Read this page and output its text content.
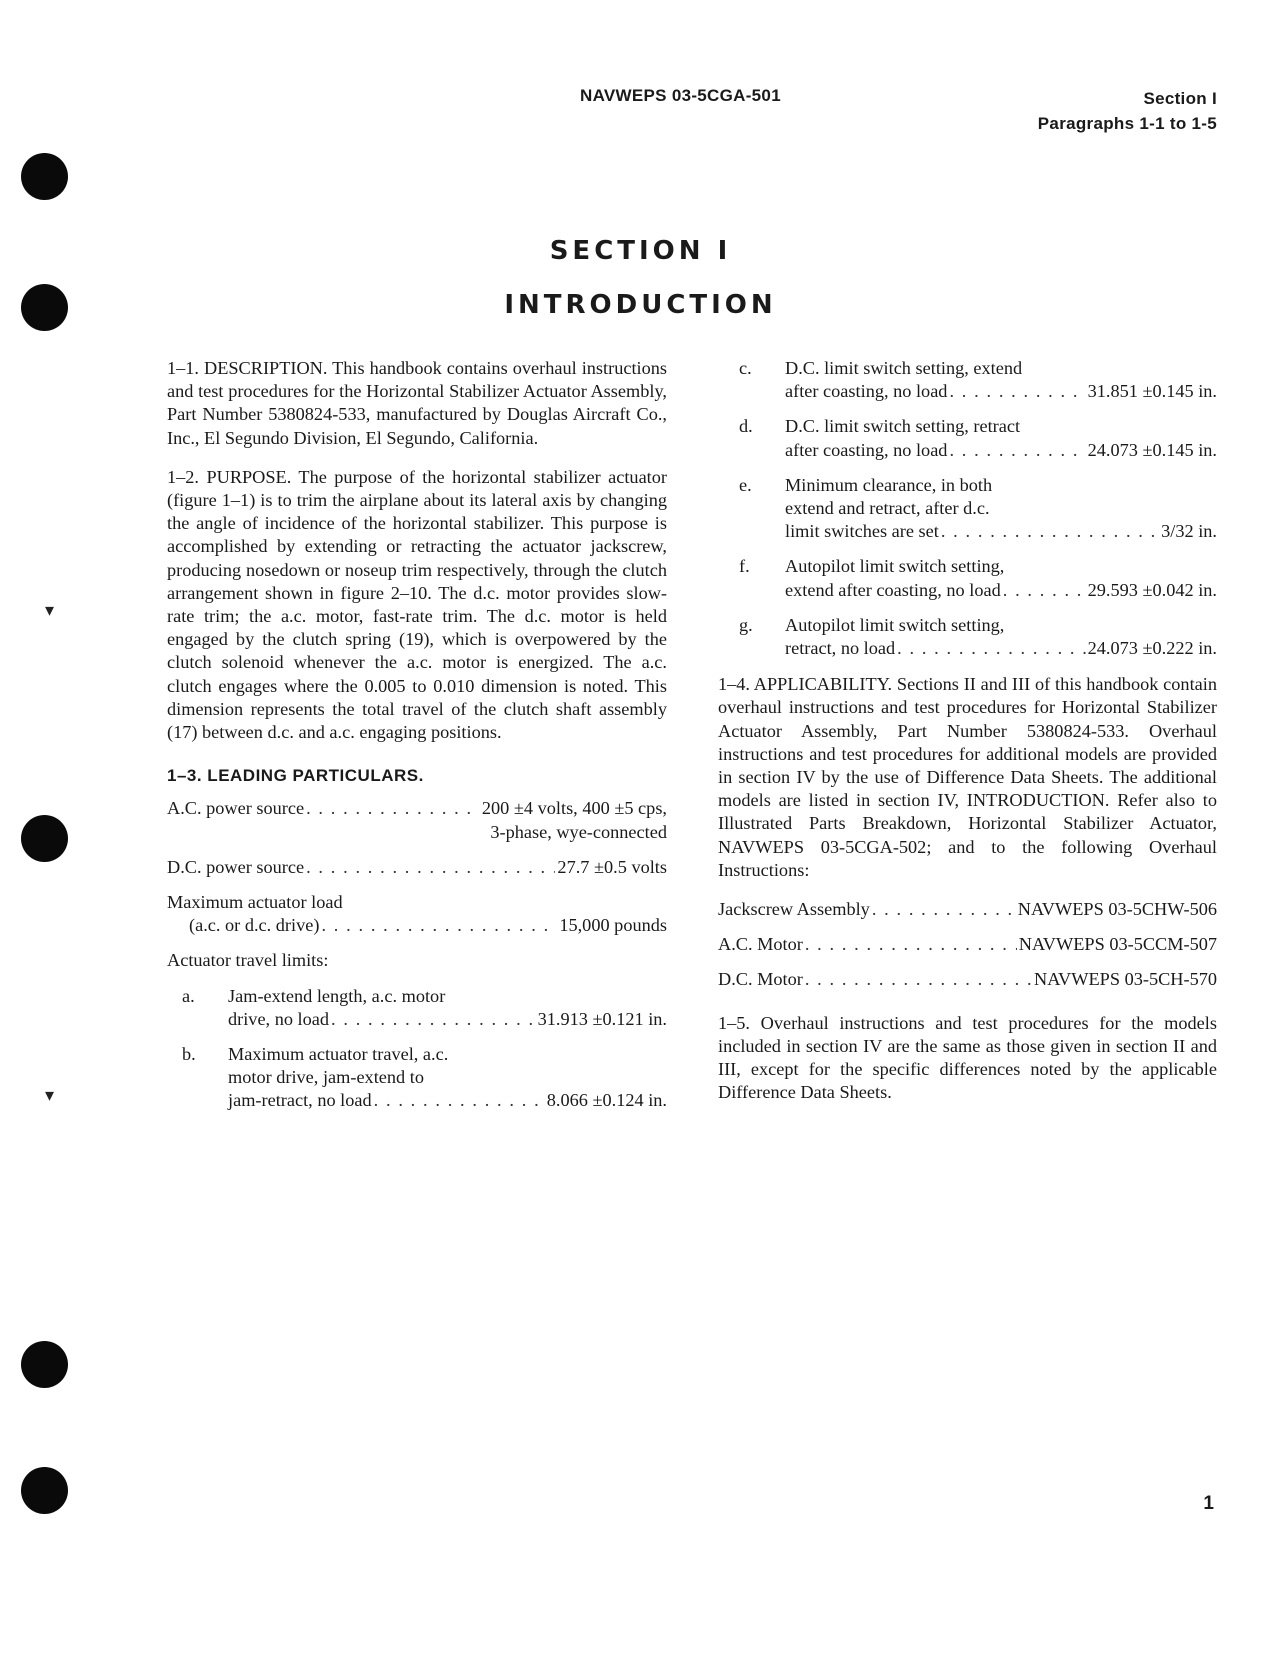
▾
▾
NAVWEPS 03-5CGA-501	Section I
Paragraphs 1-1 to 1-5
SECTION I
INTRODUCTION

1–1. DESCRIPTION. This handbook contains overhaul instructions and test procedures for the Horizontal Stabilizer Actuator Assembly, Part Number 5380824-533, manufactured by Douglas Aircraft Co., Inc., El Segundo Division, El Segundo, California.

1–2. PURPOSE. The purpose of the horizontal stabilizer actuator (figure 1–1) is to trim the airplane about its lateral axis by changing the angle of incidence of the horizontal stabilizer. This purpose is accomplished by extending or retracting the actuator jackscrew, producing nosedown or noseup trim respectively, through the clutch arrangement shown in figure 2–10. The d.c. motor provides slow-rate trim; the a.c. motor, fast-rate trim. The d.c. motor is held engaged by the clutch spring (19), which is overpowered by the clutch solenoid whenever the a.c. motor is energized. The a.c. clutch engages where the 0.005 to 0.010 dimension is noted. This dimension represents the total travel of the clutch shaft assembly (17) between d.c. and a.c. engaging positions.

1–3. LEADING PARTICULARS.
A.C. power source . . .	200 ±4 volts, 400 ±5 cps,
3-phase, wye-connected
D.C. power source . . .	27.7 ±0.5 volts
Maximum actuator load
(a.c. or d.c. drive) . . .	15,000 pounds
Actuator travel limits:
a. Jam-extend length, a.c. motor
drive, no load . . .	31.913 ±0.121 in.
b. Maximum actuator travel, a.c.
motor drive, jam-extend to
jam-retract, no load . . .	8.066 ±0.124 in.
c. D.C. limit switch setting, extend
after coasting, no load . . .	31.851 ±0.145 in.
d. D.C. limit switch setting, retract
after coasting, no load . . .	24.073 ±0.145 in.
e. Minimum clearance, in both
extend and retract, after d.c.
limit switches are set . . .	3/32 in.
f. Autopilot limit switch setting,
extend after coasting, no load . . .	29.593 ±0.042 in.
g. Autopilot limit switch setting,
retract, no load . . .	24.073 ±0.222 in.

1–4. APPLICABILITY. Sections II and III of this handbook contain overhaul instructions and test procedures for Horizontal Stabilizer Actuator Assembly, Part Number 5380824-533. Overhaul instructions and test procedures for additional models are provided in section IV by the use of Difference Data Sheets. The additional models are listed in section IV, INTRODUCTION. Refer also to Illustrated Parts Breakdown, Horizontal Stabilizer Actuator, NAVWEPS 03-5CGA-502; and to the following Overhaul Instructions:

Jackscrew Assembly . . .	NAVWEPS 03-5CHW-506
A.C. Motor . . .	NAVWEPS 03-5CCM-507
D.C. Motor . . .	NAVWEPS 03-5CH-570

1–5. Overhaul instructions and test procedures for the models included in section IV are the same as those given in section II and III, except for the specific differences noted by the applicable Difference Data Sheets.

1
